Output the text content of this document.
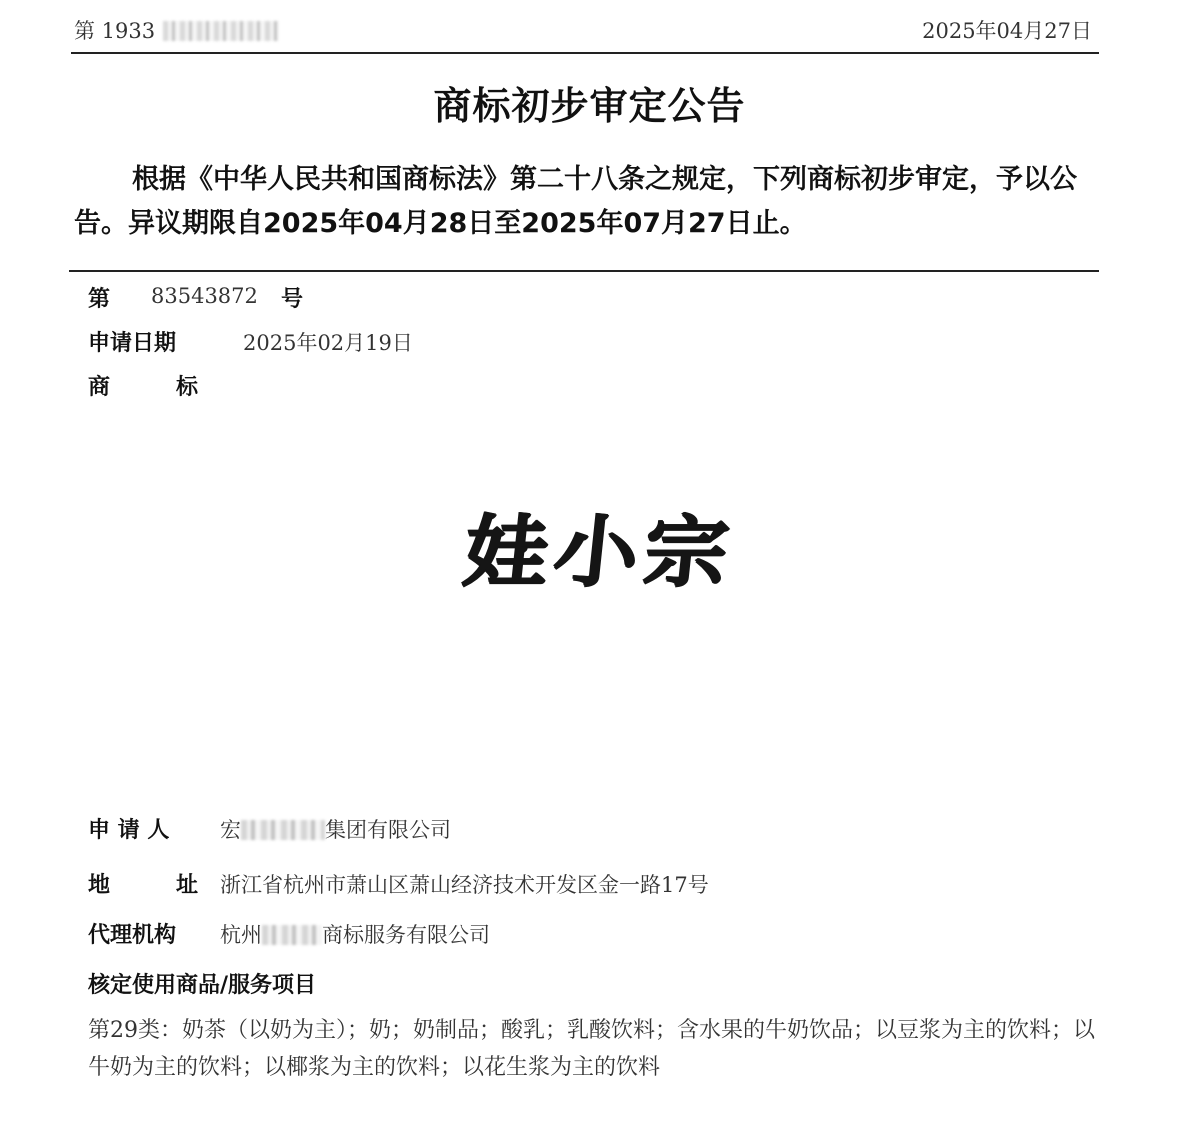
第 1933	2025年04月27日
商标初步审定公告

根据《中华人民共和国商标法》第二十八条之规定，下列商标初步审定，予以公告。异议期限自2025年04月28日至2025年07月27日止。

第 83543872 号
申请日期	2025年02月19日
商　标
娃小宗
申 请 人 宏	集团有限公司
地　址 浙江省杭州市萧山区萧山经济技术开发区金一路17号
代理机构 杭州	商标服务有限公司
核定使用商品/服务项目

第29类：奶茶（以奶为主）；奶；奶制品；酸乳；乳酸饮料；含水果的牛奶饮品；以豆浆为主的饮料；以牛奶为主的饮料；以椰浆为主的饮料；以花生浆为主的饮料
